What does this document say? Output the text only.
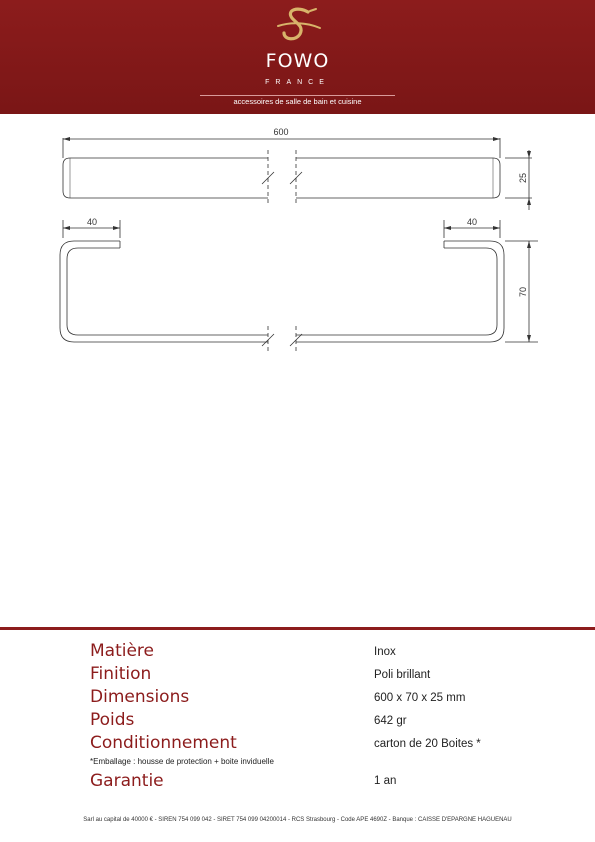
FOWO
FRANCE
accessoires de salle de bain et cuisine
600
40	40
25
70
Matière	Inox
Finition	Poli brillant
Dimensions	600 x 70 x 25 mm
Poids	642 gr
Conditionnement	carton de 20 Boites *
*Emballage : housse de protection + boite inviduelle
Garantie	1 an
Sarl au capital de 40000 € - SIREN 754 099 042 - SIRET 754 099 04200014 - RCS Strasbourg - Code APE 4690Z - Banque : CAISSE D'EPARGNE HAGUENAU
